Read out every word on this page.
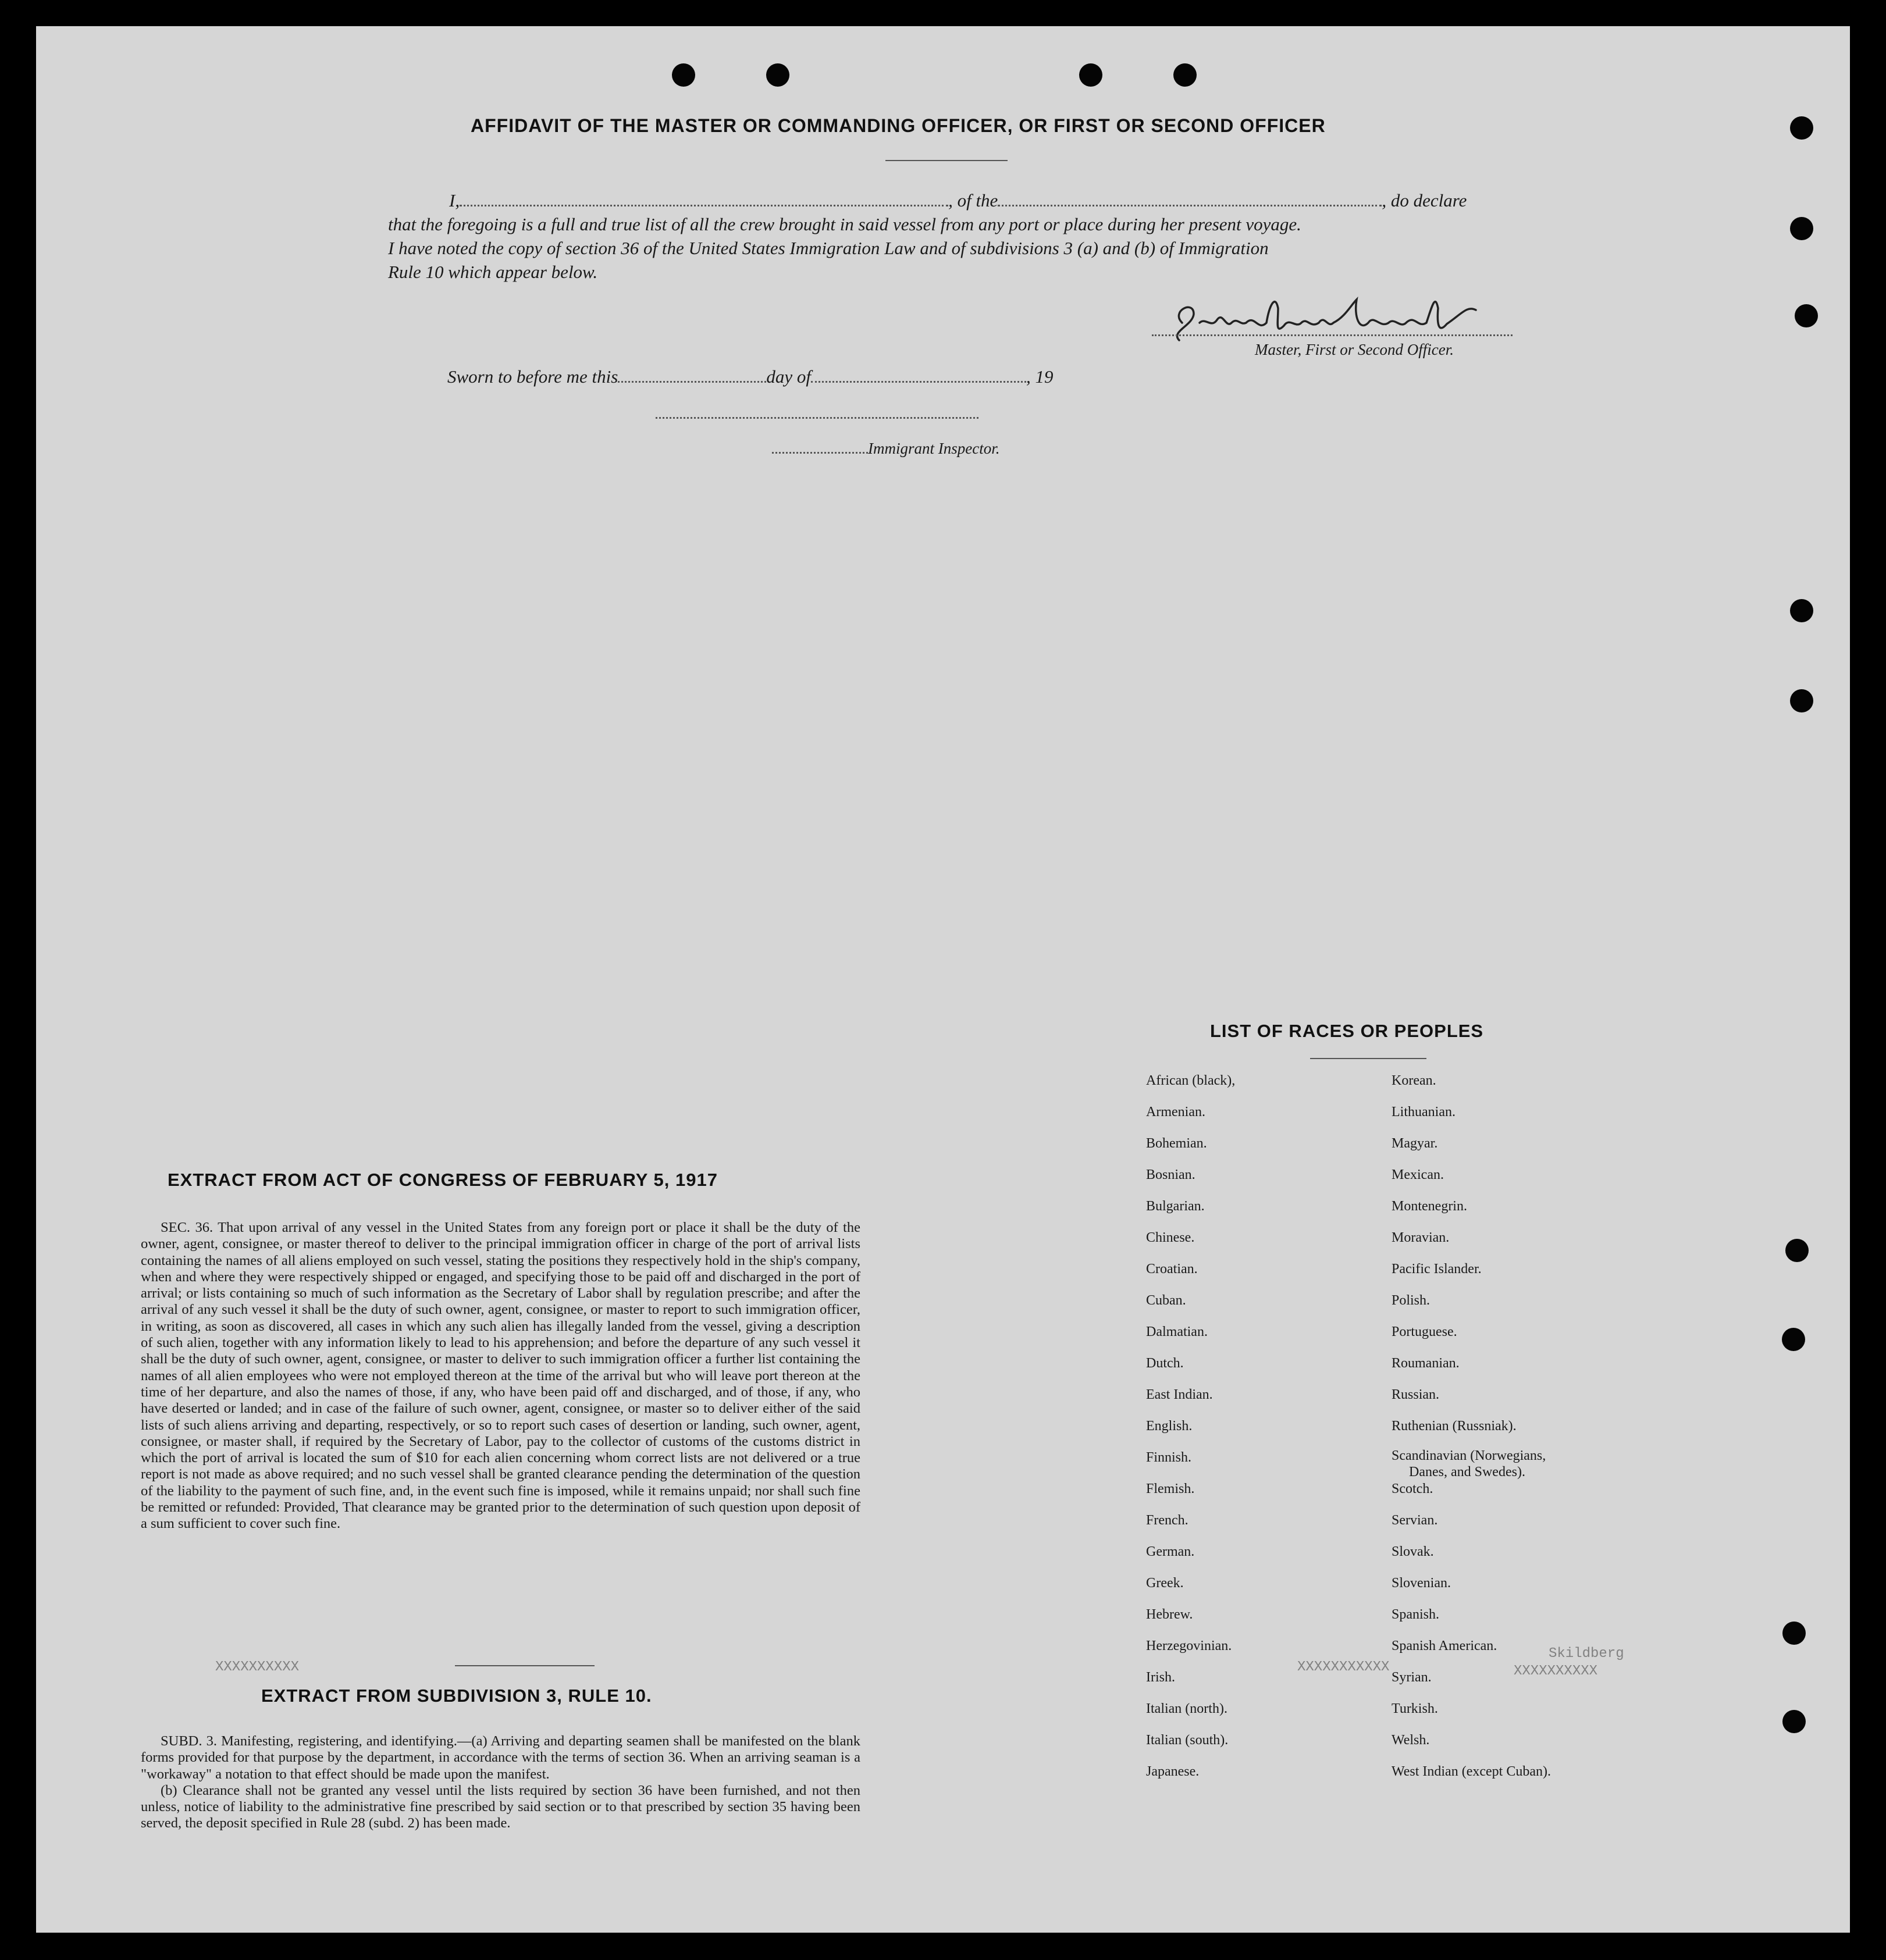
XXXXXXXXXXX
Skildberg
XXXXXXXXXX
XXXXXXXXXX
AFFIDAVIT OF THE MASTER OR COMMANDING OFFICER, OR FIRST OR SECOND OFFICER
I,	, of the	, do declare
that the foregoing is a full and true list of all the crew brought in said vessel from any port or place during her present voyage.
I have noted the copy of section 36 of the United States Immigration Law and of subdivisions 3 (a) and (b) of Immigration
Rule 10 which appear below.
Master, First or Second Officer.
Sworn to before me this	day of	, 19
Immigrant Inspector.
LIST OF RACES OR PEOPLES
African (black),
Armenian.
Bohemian.
Bosnian.
Bulgarian.
Chinese.
Croatian.
Cuban.
Dalmatian.
Dutch.
East Indian.
English.
Finnish.
Flemish.
French.
German.
Greek.
Hebrew.
Herzegovinian.
Irish.
Italian (north).
Italian (south).
Japanese.
Korean.
Lithuanian.
Magyar.
Mexican.
Montenegrin.
Moravian.
Pacific Islander.
Polish.
Portuguese.
Roumanian.
Russian.
Ruthenian (Russniak).
Scandinavian (Norwegians,
Danes, and Swedes).
Scotch.
Servian.
Slovak.
Slovenian.
Spanish.
Spanish American.
Syrian.
Turkish.
Welsh.
West Indian (except Cuban).
EXTRACT FROM ACT OF CONGRESS OF FEBRUARY 5, 1917

SEC. 36. That upon arrival of any vessel in the United States from any foreign port or place it shall be the duty of the owner, agent, consignee, or master thereof to deliver to the principal immigration officer in charge of the port of arrival lists containing the names of all aliens employed on such vessel, stating the positions they respectively hold in the ship's company, when and where they were respectively shipped or engaged, and specifying those to be paid off and discharged in the port of arrival; or lists containing so much of such information as the Secretary of Labor shall by regulation prescribe; and after the arrival of any such vessel it shall be the duty of such owner, agent, consignee, or master to report to such immigration officer, in writing, as soon as discovered, all cases in which any such alien has illegally landed from the vessel, giving a description of such alien, together with any information likely to lead to his apprehension; and before the departure of any such vessel it shall be the duty of such owner, agent, consignee, or master to deliver to such immigration officer a further list containing the names of all alien employees who were not employed thereon at the time of the arrival but who will leave port thereon at the time of her departure, and also the names of those, if any, who have been paid off and discharged, and of those, if any, who have deserted or landed; and in case of the failure of such owner, agent, consignee, or master so to deliver either of the said lists of such aliens arriving and departing, respectively, or so to report such cases of desertion or landing, such owner, agent, consignee, or master shall, if required by the Secretary of Labor, pay to the collector of customs of the customs district in which the port of arrival is located the sum of $10 for each alien concerning whom correct lists are not delivered or a true report is not made as above required; and no such vessel shall be granted clearance pending the determination of the question of the liability to the payment of such fine, and, in the event such fine is imposed, while it remains unpaid; nor shall such fine be remitted or refunded: Provided, That clearance may be granted prior to the determination of such question upon deposit of a sum sufficient to cover such fine.

EXTRACT FROM SUBDIVISION 3, RULE 10.

SUBD. 3. Manifesting, registering, and identifying.—(a) Arriving and departing seamen shall be manifested on the blank forms provided for that purpose by the department, in accordance with the terms of section 36. When an arriving seaman is a "workaway" a notation to that effect should be made upon the manifest.

(b) Clearance shall not be granted any vessel until the lists required by section 36 have been furnished, and not then unless, notice of liability to the administrative fine prescribed by said section or to that prescribed by section 35 having been served, the deposit specified in Rule 28 (subd. 2) has been made.
